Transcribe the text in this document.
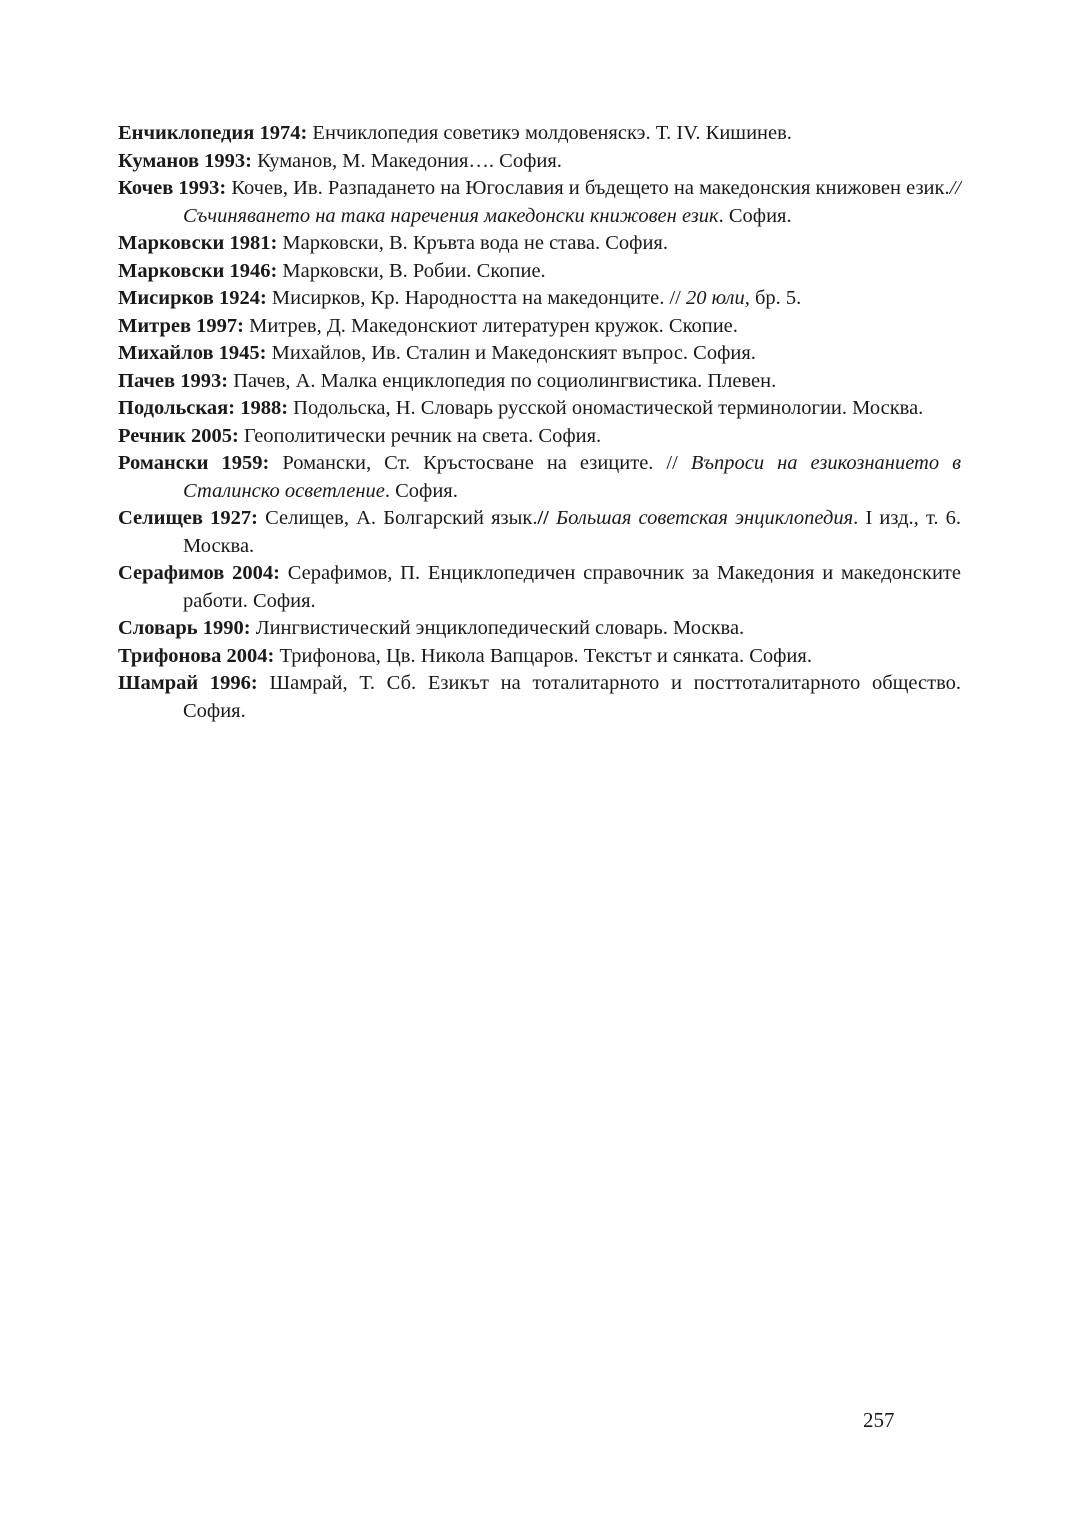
Енчиклопедия 1974: Енчиклопедия советикэ молдовеняскэ. Т. IV. Кишинев.

Куманов 1993: Куманов, М. Македония…. София.

Кочев 1993: Кочев, Ив. Разпадането на Югославия и бъдещето на македонския книжовен език.// Съчиняването на така наречения македонски книжовен език. София.

Марковски 1981: Марковски, В. Кръвта вода не става. София.

Марковски 1946: Марковски, В. Робии. Скопие.

Мисирков 1924: Мисирков, Кр. Народността на македонците. // 20 юли, бр. 5.

Митрев 1997: Митрев, Д. Македонскиот литературен кружок. Скопие.

Михайлов 1945: Михайлов, Ив. Сталин и Македонският въпрос. София.

Пачев 1993: Пачев, А. Малка енциклопедия по социолингвистика. Плевен.

Подольская: 1988: Подольска, Н. Словарь русской ономастической терминологии. Москва.

Речник 2005: Геополитически речник на света. София.

Романски 1959: Романски, Ст. Кръстосване на езиците. // Въпроси на езикознанието в Сталинско осветление. София.

Селищев 1927: Селищев, А. Болгарский язык.// Большая советская энциклопедия. I изд., т. 6. Москва.

Серафимов 2004: Серафимов, П. Енциклопедичен справочник за Македония и македонските работи. София.

Словарь 1990: Лингвистический энциклопедический словарь. Москва.

Трифонова 2004: Трифонова, Цв. Никола Вапцаров. Текстът и сянката. София.

Шамрай 1996: Шамрай, Т. Сб. Езикът на тоталитарното и посттоталитарното общество. София.

257
